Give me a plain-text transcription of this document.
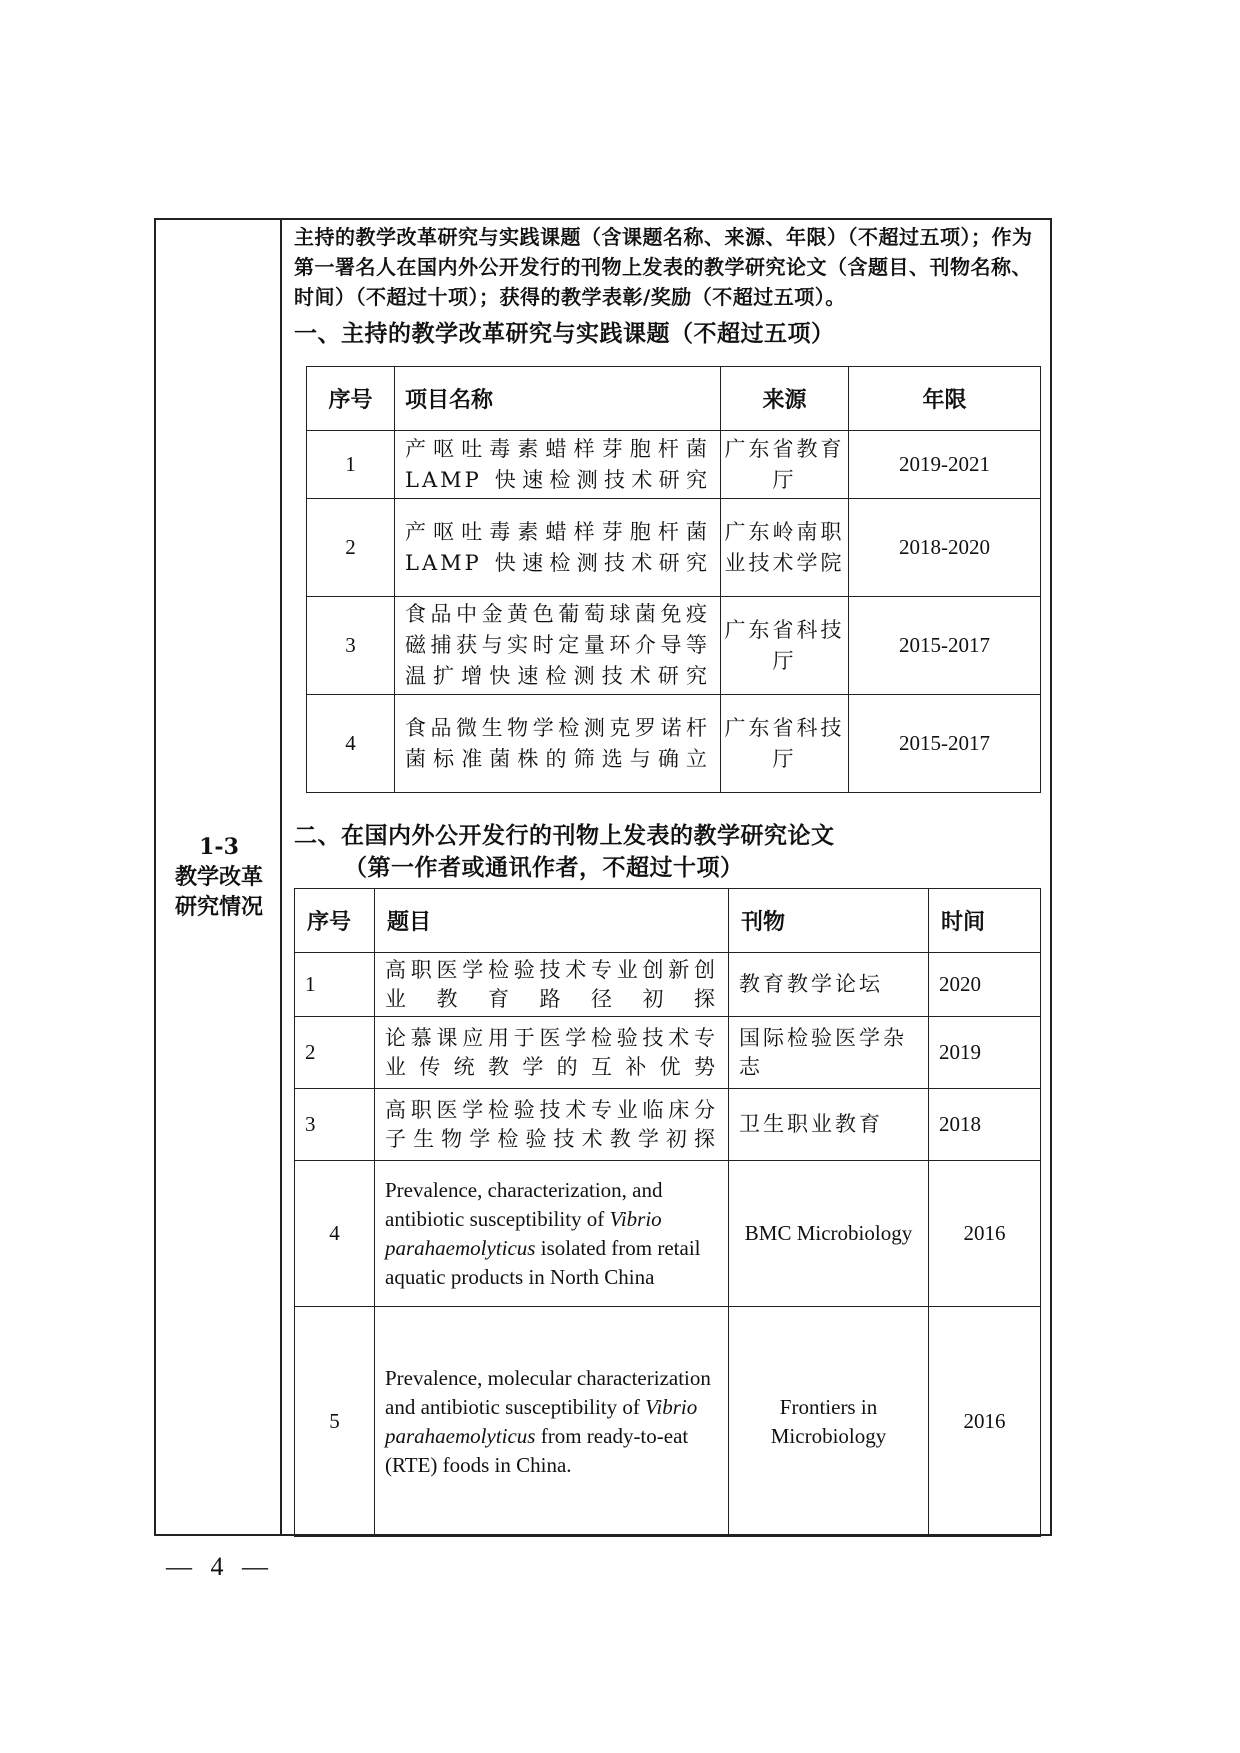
1-3
教学改革
研究情况
主持的教学改革研究与实践课题（含课题名称、来源、年限）（不超过五项）；作为第一署名人在国内外公开发行的刊物上发表的教学研究论文（含题目、刊物名称、时间）（不超过十项）；获得的教学表彰/奖励（不超过五项）。
一、主持的教学改革研究与实践课题（不超过五项）
序号	项目名称	来源	年限
1	产呕吐毒素蜡样芽胞杆菌LAMP 快速检测技术研究	广东省教育厅	2019-2021
2	产呕吐毒素蜡样芽胞杆菌LAMP 快速检测技术研究	广东岭南职业技术学院	2018-2020
3	食品中金黄色葡萄球菌免疫磁捕获与实时定量环介导等温扩增快速检测技术研究	广东省科技厅	2015-2017
4	食品微生物学检测克罗诺杆菌标准菌株的筛选与确立	广东省科技厅	2015-2017
二、在国内外公开发行的刊物上发表的教学研究论文
（第一作者或通讯作者，不超过十项）
序号	题目	刊物	时间
1	高职医学检验技术专业创新创业教育路径初探	教育教学论坛	2020
2	论慕课应用于医学检验技术专业传统教学的互补优势	国际检验医学杂志	2019
3	高职医学检验技术专业临床分子生物学检验技术教学初探	卫生职业教育	2018
4	Prevalence, characterization, and antibiotic susceptibility of Vibrio parahaemolyticus isolated from retail aquatic products in North China	BMC Microbiology	2016
5	Prevalence, molecular characterization and antibiotic susceptibility of Vibrio parahaemolyticus from ready-to-eat (RTE) foods in China.	Frontiers in Microbiology	2016
— 4 —
